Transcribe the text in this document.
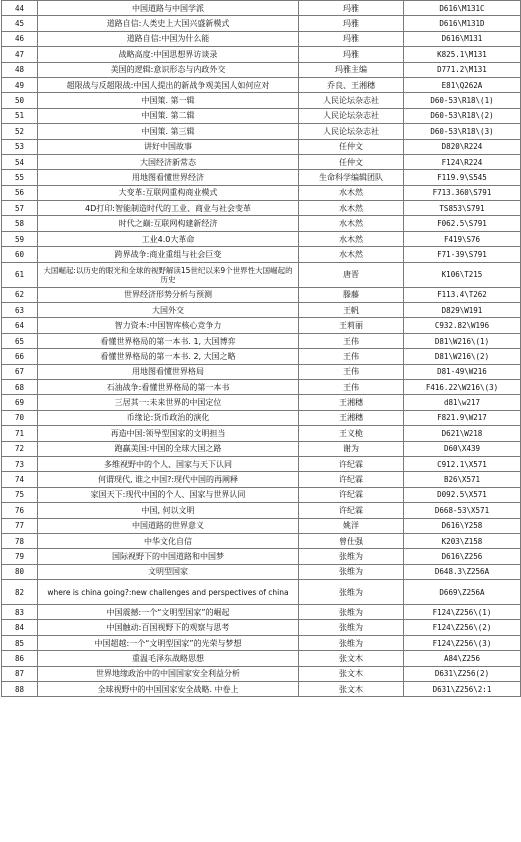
44	中国道路与中国学派	玛雅	D616\M131C
45	道路自信:人类史上大国兴盛新模式	玛雅	D616\M131D
46	道路自信:中国为什么能	玛雅	D616\M131
47	战略高度:中国思想界访谈录	玛雅	K825.1\M131
48	美国的逻辑:意识形态与内政外交	玛雅主编	D771.2\M131
49	超限战与反超限战:中国人提出的新战争观美国人如何应对	乔良、王湘穗	E81\Q262A
50	中国策. 第一辑	人民论坛杂志社	D60-53\R18\(1)
51	中国策. 第二辑	人民论坛杂志社	D60-53\R18\(2)
52	中国策. 第三辑	人民论坛杂志社	D60-53\R18\(3)
53	讲好中国故事	任仲文	D820\R224
54	大国经济新常态	任仲文	F124\R224
55	用地图看懂世界经济	生命科学编辑团队	F119.9\S545
56	大变革:互联网重构商业模式	水木然	F713.360\S791
57	4D打印:智能制造时代的工业、商业与社会变革	水木然	TS853\S791
58	时代之巅:互联网构建新经济	水木然	F062.5\S791
59	工业4.0大革命	水木然	F419\S76
60	跨界战争:商业重组与社会巨变	水木然	F71-39\S791
61	大国崛起:以历史的眼光和全球的视野解读15世纪以来9个世界性大国崛起的历史	唐晋	K106\T215
62	世界经济形势分析与预测	滕藤	F113.4\T262
63	大国外交	王帆	D829\W191
64	智力资本:中国智库核心竞争力	王莉丽	C932.82\W196
65	看懂世界格局的第一本书. 1, 大国博弈	王伟	D81\W216\(1)
66	看懂世界格局的第一本书. 2, 大国之略	王伟	D81\W216\(2)
67	用地图看懂世界格局	王伟	D81-49\W216
68	石油战争:看懂世界格局的第一本书	王伟	F416.22\W216\(3)
69	三居其一:未来世界的中国定位	王湘穗	d81\w217
70	币缘论:货币政治的演化	王湘穗	F821.9\W217
71	再造中国:领导型国家的文明担当	王义桅	D621\W218
72	跑赢美国:中国的全球大国之路	谢为	D60\X439
73	多维视野中的个人、国家与天下认同	许纪霖	C912.1\X571
74	何谓现代, 谁之中国?:现代中国的再阐释	许纪霖	B26\X571
75	家国天下:现代中国的个人、国家与世界认同	许纪霖	D092.5\X571
76	中国, 何以文明	许纪霖	D668-53\X571
77	中国道路的世界意义	姚洋	D616\Y258
78	中华文化自信	曾仕强	K203\Z158
79	国际视野下的中国道路和中国梦	张维为	D616\Z256
80	文明型国家	张维为	D648.3\Z256A
82	where is china going?:new challenges and perspectives of china	张维为	D669\Z256A
83	中国震撼:一个“文明型国家”的崛起	张维为	F124\Z256\(1)
84	中国触动:百国视野下的观察与思考	张维为	F124\Z256\(2)
85	中国超越:一个“文明型国家”的光荣与梦想	张维为	F124\Z256\(3)
86	重温毛泽东战略思想	张文木	A84\Z256
87	世界地缘政治中的中国国家安全利益分析	张文木	D631\Z256(2)
88	全球视野中的中国国家安全战略. 中卷上	张文木	D631\Z256\2:1
